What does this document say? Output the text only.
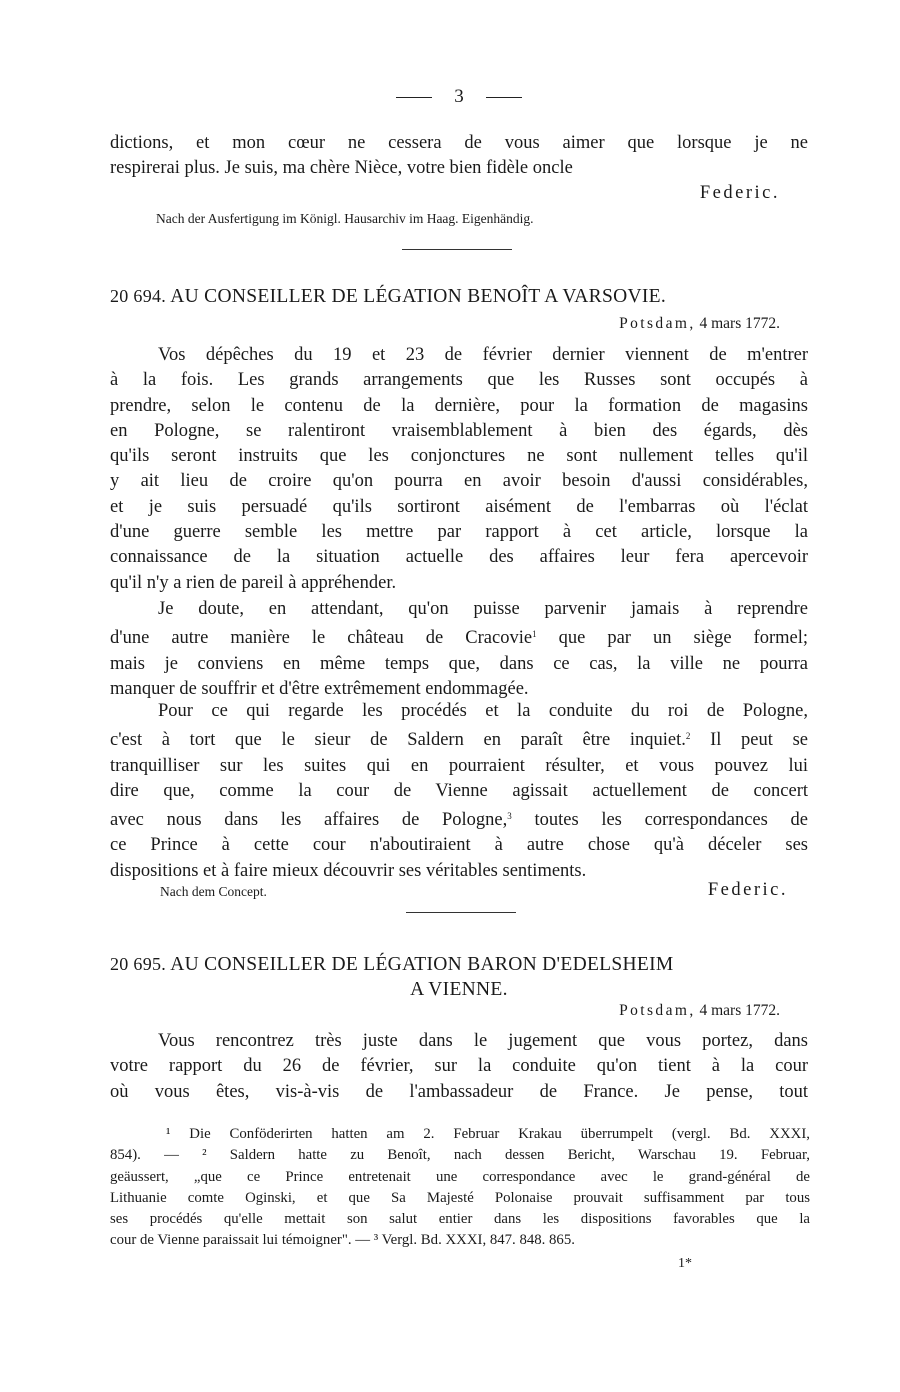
3
dictions, et mon cœur ne cessera de vous aimer que lorsque je ne
respirerai plus. Je suis, ma chère Nièce, votre bien fidèle oncle
Federic.
Nach der Ausfertigung im Königl. Hausarchiv im Haag. Eigenhändig.
20 694. AU CONSEILLER DE LÉGATION BENOÎT A VARSOVIE.
Potsdam, 4 mars 1772.
Vos dépêches du 19 et 23 de février dernier viennent de m'entrer
à la fois. Les grands arrangements que les Russes sont occupés à
prendre, selon le contenu de la dernière, pour la formation de magasins
en Pologne, se ralentiront vraisemblablement à bien des égards, dès
qu'ils seront instruits que les conjonctures ne sont nullement telles qu'il
y ait lieu de croire qu'on pourra en avoir besoin d'aussi considérables,
et je suis persuadé qu'ils sortiront aisément de l'embarras où l'éclat
d'une guerre semble les mettre par rapport à cet article, lorsque la
connaissance de la situation actuelle des affaires leur fera apercevoir
qu'il n'y a rien de pareil à appréhender.
Je doute, en attendant, qu'on puisse parvenir jamais à reprendre
d'une autre manière le château de Cracovie$^1$ que par un siège formel;
mais je conviens en même temps que, dans ce cas, la ville ne pourra
manquer de souffrir et d'être extrêmement endommagée.
Pour ce qui regarde les procédés et la conduite du roi de Pologne,
c'est à tort que le sieur de Saldern en paraît être inquiet.$^2$ Il peut se
tranquilliser sur les suites qui en pourraient résulter, et vous pouvez lui
dire que, comme la cour de Vienne agissait actuellement de concert
avec nous dans les affaires de Pologne,$^3$ toutes les correspondances de
ce Prince à cette cour n'aboutiraient à autre chose qu'à déceler ses
dispositions et à faire mieux découvrir ses véritables sentiments.
Nach dem Concept.	Federic.
20 695. AU CONSEILLER DE LÉGATION BARON D'EDELSHEIM
A VIENNE.
Potsdam, 4 mars 1772.
Vous rencontrez très juste dans le jugement que vous portez, dans
votre rapport du 26 de février, sur la conduite qu'on tient à la cour
où vous êtes, vis-à-vis de l'ambassadeur de France. Je pense, tout
¹ Die Conföderirten hatten am 2. Februar Krakau überrumpelt (vergl. Bd. XXXI,
854). — ² Saldern hatte zu Benoît, nach dessen Bericht, Warschau 19. Februar,
geäussert, „que ce Prince entretenait une correspondance avec le grand-général de
Lithuanie comte Oginski, et que Sa Majesté Polonaise prouvait suffisamment par tous
ses procédés qu'elle mettait son salut entier dans les dispositions favorables que la
cour de Vienne paraissait lui témoigner". — ³ Vergl. Bd. XXXI, 847. 848. 865.
1*
